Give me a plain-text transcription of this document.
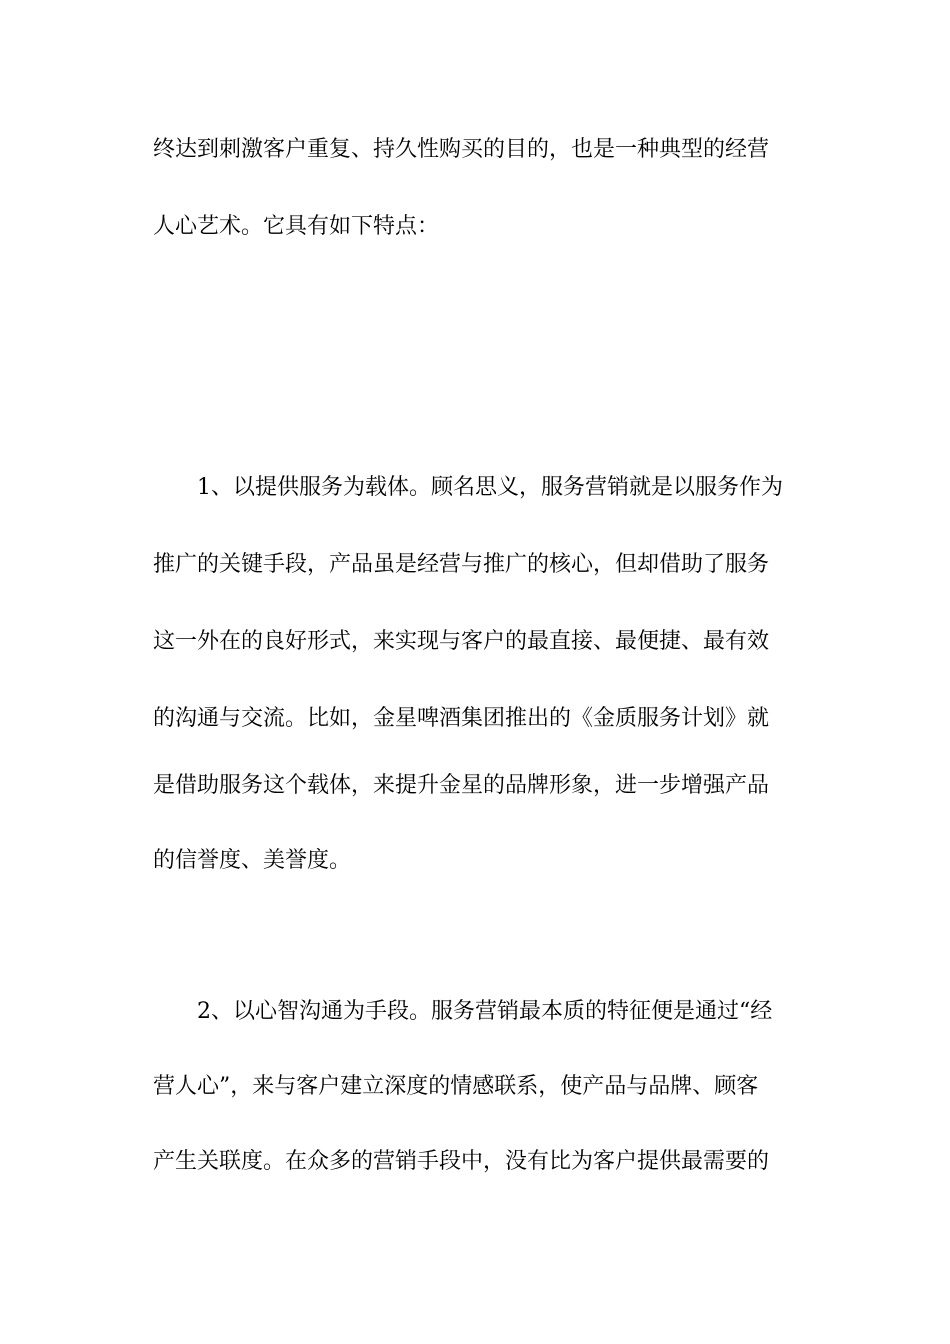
终达到刺激客户重复、持久性购买的目的，也是一种典型的经营
人心艺术。它具有如下特点：
1、以提供服务为载体。顾名思义，服务营销就是以服务作为
推广的关键手段，产品虽是经营与推广的核心，但却借助了服务
这一外在的良好形式，来实现与客户的最直接、最便捷、最有效
的沟通与交流。比如，金星啤酒集团推出的《金质服务计划》就
是借助服务这个载体，来提升金星的品牌形象，进一步增强产品
的信誉度、美誉度。
2、以心智沟通为手段。服务营销最本质的特征便是通过“经
营人心”，来与客户建立深度的情感联系，使产品与品牌、顾客
产生关联度。在众多的营销手段中，没有比为客户提供最需要的
